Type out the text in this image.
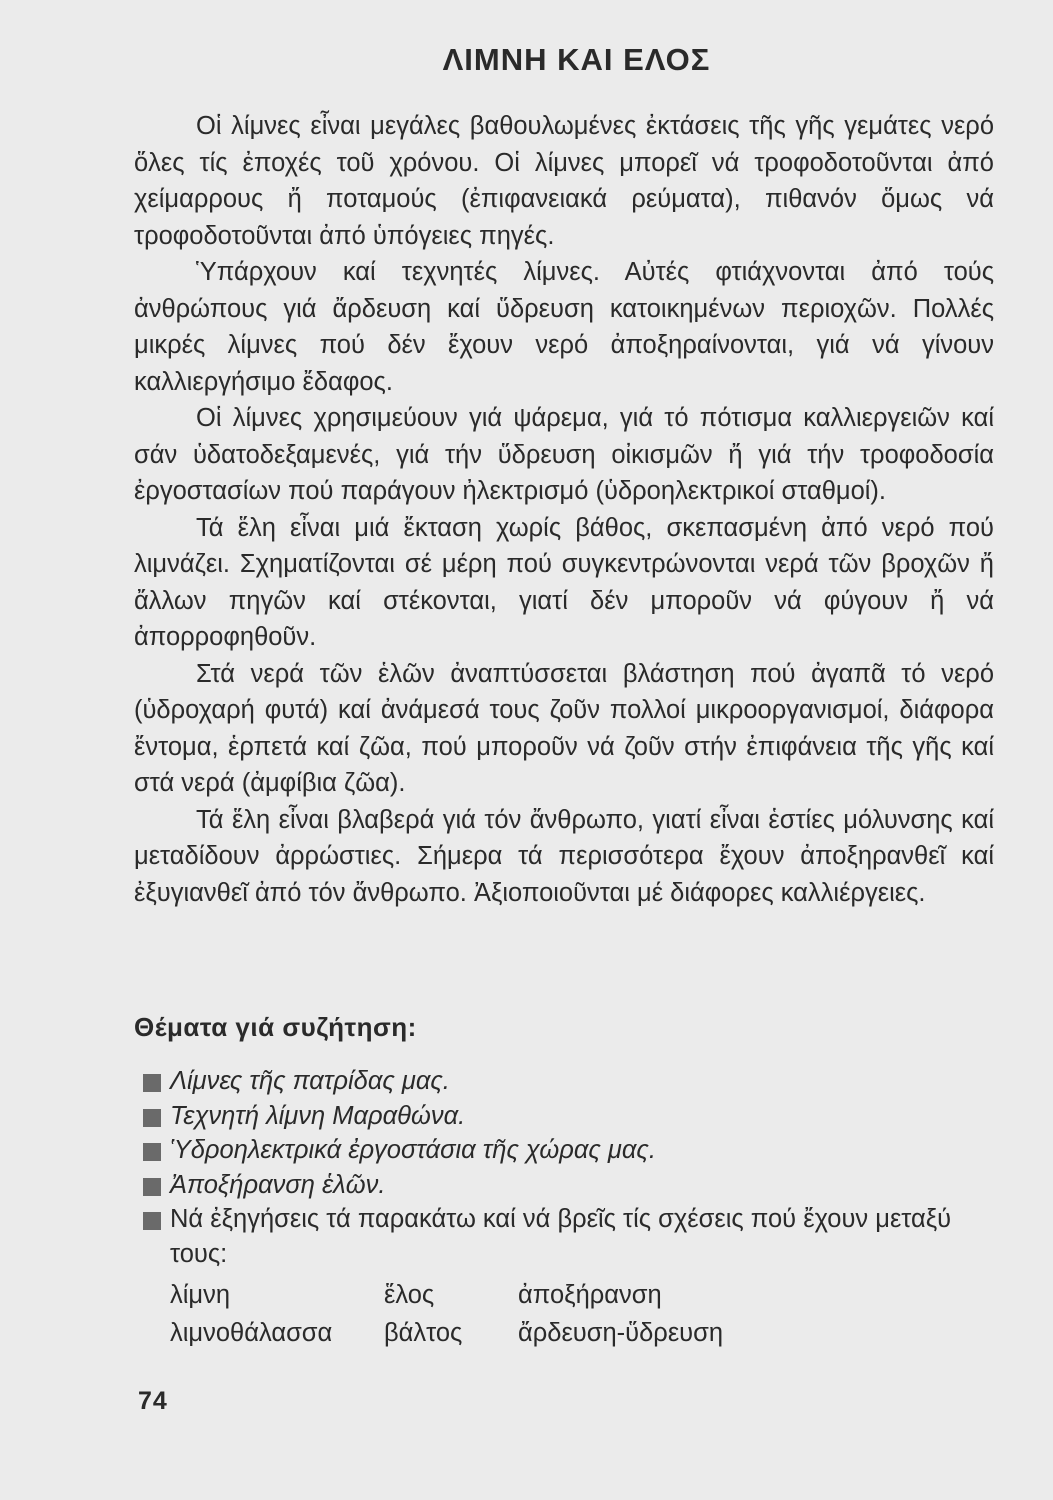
ΛΙΜΝΗ ΚΑΙ ΕΛΟΣ

Οἱ λίμνες εἶναι μεγάλες βαθουλωμένες ἐκτάσεις τῆς γῆς γεμάτες νερό ὅλες τίς ἐποχές τοῦ χρόνου. Οἱ λίμνες μπορεῖ νά τροφοδοτοῦνται ἀπό χείμαρρους ἤ ποταμούς (ἐπιφανειακά ρεύματα), πιθανόν ὅμως νά τροφοδοτοῦνται ἀπό ὑπόγειες πηγές.

Ὑπάρχουν καί τεχνητές λίμνες. Αὐτές φτιάχνονται ἀπό τούς ἀνθρώπους γιά ἄρδευση καί ὕδρευση κατοικημένων περιοχῶν. Πολλές μικρές λίμνες πού δέν ἔχουν νερό ἀποξηραίνονται, γιά νά γίνουν καλλιεργήσιμο ἔδαφος.

Οἱ λίμνες χρησιμεύουν γιά ψάρεμα, γιά τό πότισμα καλλιεργειῶν καί σάν ὑδατοδεξαμενές, γιά τήν ὕδρευση οἰκισμῶν ἤ γιά τήν τροφοδοσία ἐργοστασίων πού παράγουν ἠλεκτρισμό (ὑδροηλεκτρικοί σταθμοί).

Τά ἕλη εἶναι μιά ἔκταση χωρίς βάθος, σκεπασμένη ἀπό νερό πού λιμνάζει. Σχηματίζονται σέ μέρη πού συγκεντρώνονται νερά τῶν βροχῶν ἤ ἄλλων πηγῶν καί στέκονται, γιατί δέν μποροῦν νά φύγουν ἤ νά ἀπορροφηθοῦν.

Στά νερά τῶν ἑλῶν ἀναπτύσσεται βλάστηση πού ἀγαπᾶ τό νερό (ὑδροχαρή φυτά) καί ἀνάμεσά τους ζοῦν πολλοί μικροοργανισμοί, διάφορα ἔντομα, ἑρπετά καί ζῶα, πού μποροῦν νά ζοῦν στήν ἐπιφάνεια τῆς γῆς καί στά νερά (ἀμφίβια ζῶα).

Τά ἕλη εἶναι βλαβερά γιά τόν ἄνθρωπο, γιατί εἶναι ἑστίες μόλυνσης καί μεταδίδουν ἀρρώστιες. Σήμερα τά περισσότερα ἔχουν ἀποξηρανθεῖ καί ἐξυγιανθεῖ ἀπό τόν ἄνθρωπο. Ἀξιοποιοῦνται μέ διάφορες καλλιέργειες.

Θέματα γιά συζήτηση:
Λίμνες τῆς πατρίδας μας.
Τεχνητή λίμνη Μαραθώνα.
Ὑδροηλεκτρικά ἐργοστάσια τῆς χώρας μας.
Ἀποξήρανση ἑλῶν.
Νά ἐξηγήσεις τά παρακάτω καί νά βρεῖς τίς σχέσεις πού ἔχουν μεταξύ τους:
λίμνη	ἕλος	ἀποξήρανση
λιμνοθάλασσα	βάλτος	ἄρδευση-ὕδρευση
74
